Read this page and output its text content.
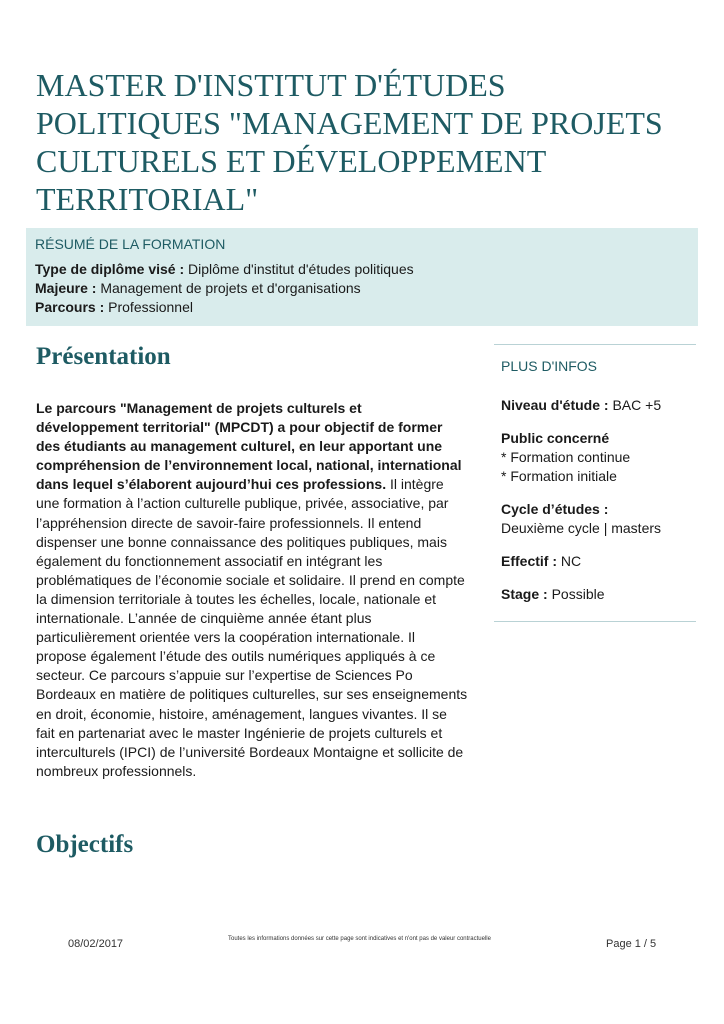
MASTER D'INSTITUT D'ÉTUDES POLITIQUES "MANAGEMENT DE PROJETS CULTURELS ET DÉVELOPPEMENT TERRITORIAL"
RÉSUMÉ DE LA FORMATION
Type de diplôme visé : Diplôme d'institut d'études politiques
Majeure : Management de projets et d'organisations
Parcours : Professionnel
Présentation
Le parcours "Management de projets culturels et développement territorial" (MPCDT) a pour objectif de former des étudiants au management culturel, en leur apportant une compréhension de l’environnement local, national, international dans lequel s’élaborent aujourd’hui ces professions. Il intègre une formation à l’action culturelle publique, privée, associative, par l’appréhension directe de savoir-faire professionnels. Il entend dispenser une bonne connaissance des politiques publiques, mais également du fonctionnement associatif en intégrant les problématiques de l’économie sociale et solidaire. Il prend en compte la dimension territoriale à toutes les échelles, locale, nationale et internationale. L’année de cinquième année étant plus particulièrement orientée vers la coopération internationale. Il propose également l’étude des outils numériques appliqués à ce secteur. Ce parcours s’appuie sur l’expertise de Sciences Po Bordeaux en matière de politiques culturelles, sur ses enseignements en droit, économie, histoire, aménagement, langues vivantes. Il se fait en partenariat avec le master Ingénierie de projets culturels et interculturels (IPCI) de l’université Bordeaux Montaigne et sollicite de nombreux professionnels.
Objectifs
PLUS D'INFOS
Niveau d'étude : BAC +5
Public concerné
* Formation continue
* Formation initiale
Cycle d’études :
Deuxième cycle | masters
Effectif : NC
Stage : Possible
08/02/2017	Toutes les informations données sur cette page sont indicatives et n'ont pas de valeur contractuelle	Page 1 / 5
